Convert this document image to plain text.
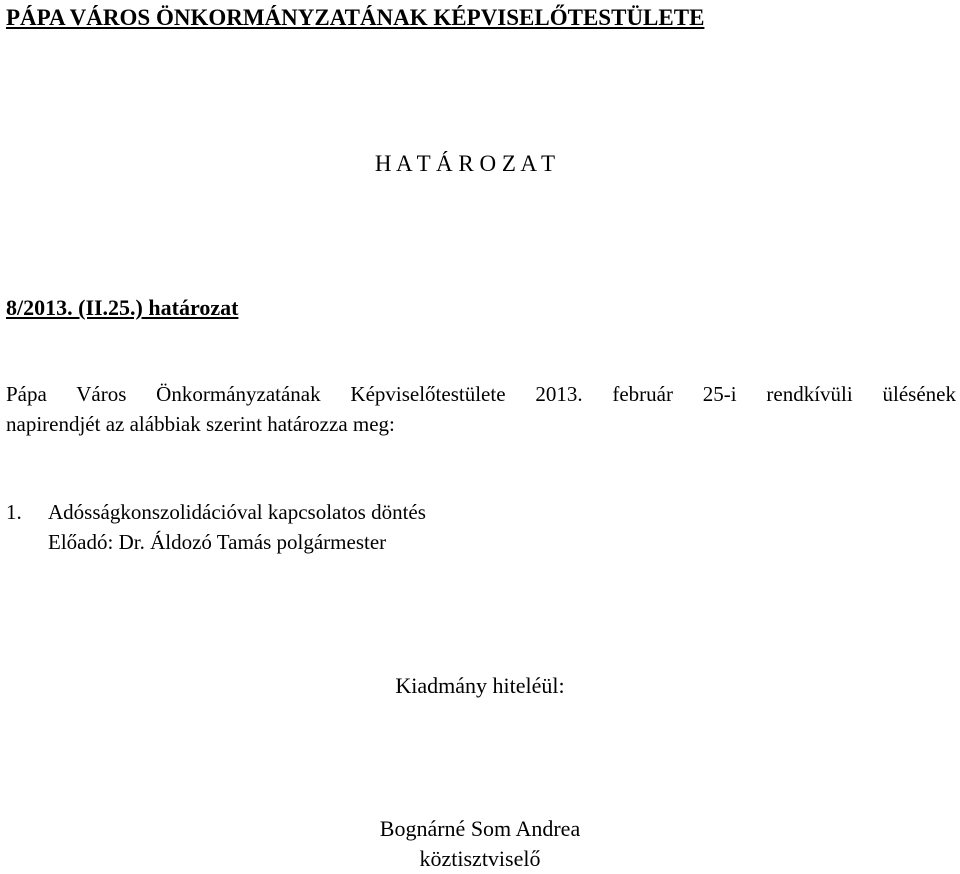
PÁPA VÁROS ÖNKORMÁNYZATÁNAK KÉPVISELŐTESTÜLETE
H A T Á R O Z A T
8/2013. (II.25.) határozat

Pápa Város Önkormányzatának Képviselőtestülete 2013. február 25-i rendkívüli ülésének
napirendjét az alábbiak szerint határozza meg:

1. Adósságkonszolidációval kapcsolatos döntés
Előadó: Dr. Áldozó Tamás polgármester
Kiadmány hiteléül:
Bognárné Som Andrea
köztisztviselő
